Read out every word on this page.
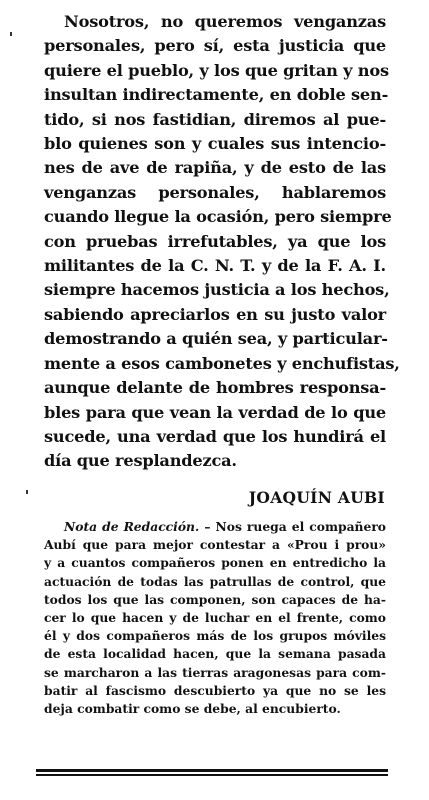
Nosotros, no queremos venganzas
personales, pero sí, esta justicia que
quiere el pueblo, y los que gritan y nos
insultan indirectamente, en doble sen-
tido, si nos fastidian, diremos al pue-
blo quienes son y cuales sus intencio-
nes de ave de rapiña, y de esto de las
venganzas personales, hablaremos
cuando llegue la ocasión, pero siempre
con pruebas irrefutables, ya que los
militantes de la C. N. T. y de la F. A. I.
siempre hacemos justicia a los hechos,
sabiendo apreciarlos en su justo valor
demostrando a quién sea, y particular-
mente a esos cambonetes y enchufistas,
aunque delante de hombres responsa-
bles para que vean la verdad de lo que
sucede, una verdad que los hundirá el
día que resplandezca.
JOAQUÍN AUBI
Nota de Redacción. – Nos ruega el compañero
Aubí que para mejor contestar a «Prou i prou»
y a cuantos compañeros ponen en entredicho la
actuación de todas las patrullas de control, que
todos los que las componen, son capaces de ha-
cer lo que hacen y de luchar en el frente, como
él y dos compañeros más de los grupos móviles
de esta localidad hacen, que la semana pasada
se marcharon a las tierras aragonesas para com-
batir al fascismo descubierto ya que no se les
deja combatir como se debe, al encubierto.
